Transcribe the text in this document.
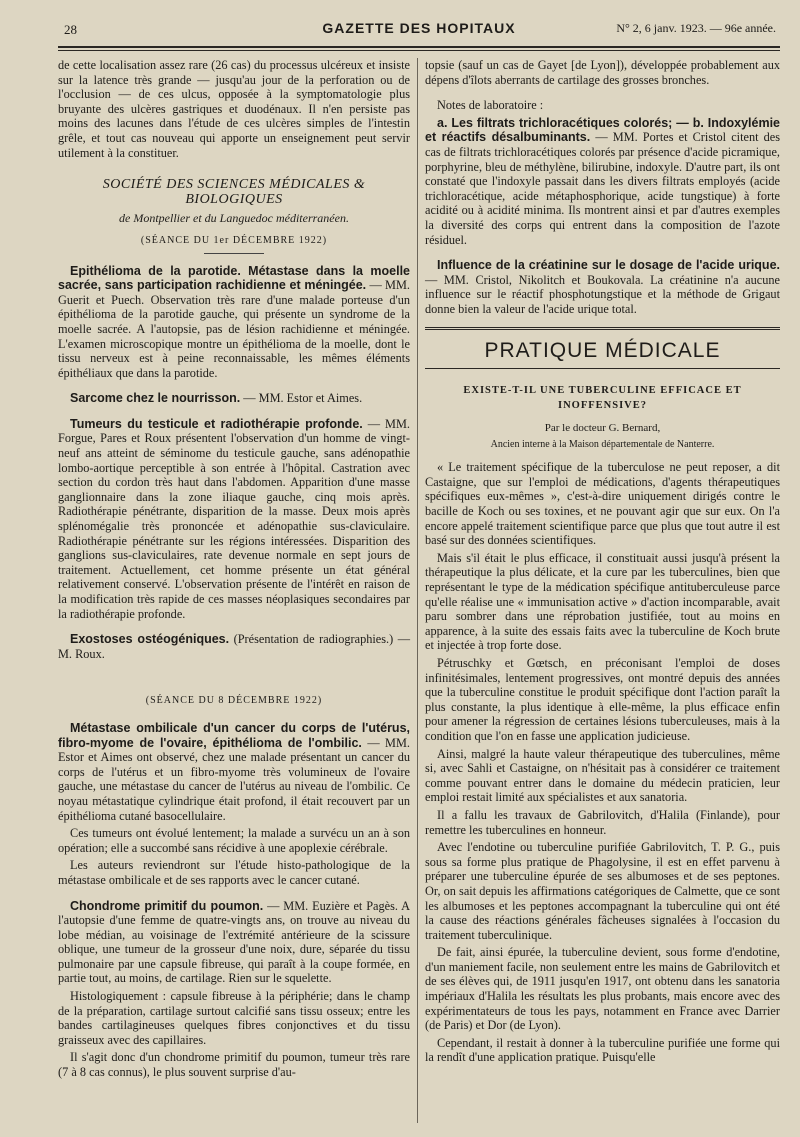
28	GAZETTE DES HOPITAUX	N° 2, 6 janv. 1923. — 96e année.

de cette localisation assez rare (26 cas) du processus ulcéreux et insiste sur la latence très grande — jusqu'au jour de la perforation ou de l'occlusion — de ces ulcus, opposée à la symptomatologie plus bruyante des ulcères gastriques et duodénaux. Il n'en persiste pas moins des lacunes dans l'étude de ces ulcères simples de l'intestin grêle, et tout cas nouveau qui apporte un enseignement peut servir utilement à la constituer.

SOCIÉTÉ DES SCIENCES MÉDICALES & BIOLOGIQUES
de Montpellier et du Languedoc méditerranéen.
(SÉANCE DU 1er DÉCEMBRE 1922)

Epithélioma de la parotide. Métastase dans la moelle sacrée, sans participation rachidienne et méningée. — MM. Guerit et Puech. Observation très rare d'une malade porteuse d'un épithélioma de la parotide gauche, qui présente un syndrome de la moelle sacrée. A l'autopsie, pas de lésion rachidienne et méningée. L'examen microscopique montre un épithélioma de la moelle, dont le tissu nerveux est à peine reconnaissable, les mêmes éléments épithéliaux que dans la parotide.

Sarcome chez le nourrisson. — MM. Estor et Aimes.

Tumeurs du testicule et radiothérapie profonde. — MM. Forgue, Pares et Roux présentent l'observation d'un homme de vingt-neuf ans atteint de séminome du testicule gauche, sans adénopathie lombo-aortique perceptible à son entrée à l'hôpital. Castration avec section du cordon très haut dans l'abdomen. Apparition d'une masse ganglionnaire dans la zone iliaque gauche, cinq mois après. Radiothérapie pénétrante, disparition de la masse. Deux mois après splénomégalie très prononcée et adénopathie sus-claviculaire. Radiothérapie pénétrante sur les régions intéressées. Disparition des ganglions sus-claviculaires, rate devenue normale en sept jours de traitement. Actuellement, cet homme présente un état général relativement conservé. L'observation présente de l'intérêt en raison de la modification très rapide de ces masses néoplasiques secondaires par la radiothérapie profonde.

Exostoses ostéogéniques. (Présentation de radiographies.) — M. Roux.

(SÉANCE DU 8 DÉCEMBRE 1922)

Métastase ombilicale d'un cancer du corps de l'utérus, fibro-myome de l'ovaire, épithélioma de l'ombilic. — MM. Estor et Aimes ont observé, chez une malade présentant un cancer du corps de l'utérus et un fibro-myome très volumineux de l'ovaire gauche, une métastase du cancer de l'utérus au niveau de l'ombilic. Ce noyau métastatique cylindrique était profond, il était recouvert par un épithélioma cutané basocellulaire.

Ces tumeurs ont évolué lentement; la malade a survécu un an à son opération; elle a succombé sans récidive à une apoplexie cérébrale.

Les auteurs reviendront sur l'étude histo-pathologique de la métastase ombilicale et de ses rapports avec le cancer cutané.

Chondrome primitif du poumon. — MM. Euzière et Pagès. A l'autopsie d'une femme de quatre-vingts ans, on trouve au niveau du lobe médian, au voisinage de l'extrémité antérieure de la scissure oblique, une tumeur de la grosseur d'une noix, dure, séparée du tissu pulmonaire par une capsule fibreuse, qui paraît à la coupe formée, en partie tout, au moins, de cartilage. Rien sur le squelette.

Histologiquement : capsule fibreuse à la périphérie; dans le champ de la préparation, cartilage surtout calcifié sans tissu osseux; entre les bandes cartilagineuses quelques fibres conjonctives et du tissu graisseux avec des capillaires.

Il s'agit donc d'un chondrome primitif du poumon, tumeur très rare (7 à 8 cas connus), le plus souvent surprise d'au-

topsie (sauf un cas de Gayet [de Lyon]), développée probablement aux dépens d'îlots aberrants de cartilage des grosses bronches.

Notes de laboratoire :

a. Les filtrats trichloracétiques colorés; — b. Indoxylémie et réactifs désalbuminants. — MM. Portes et Cristol citent des cas de filtrats trichloracétiques colorés par présence d'acide picramique, porphyrine, bleu de méthylène, bilirubine, indoxyle. D'autre part, ils ont constaté que l'indoxyle passait dans les divers filtrats employés (acide trichloracétique, acide métaphosphorique, acide tungstique) à forte acidité ou à acidité minima. Ils montrent ainsi et par d'autres exemples la diversité des corps qui entrent dans la composition de l'azote résiduel.

Influence de la créatinine sur le dosage de l'acide urique. — MM. Cristol, Nikolitch et Boukovala. La créatinine n'a aucune influence sur le réactif phosphotungstique et la méthode de Grigaut donne bien la valeur de l'acide urique total.

PRATIQUE MÉDICALE
EXISTE-T-IL UNE TUBERCULINE EFFICACE ET INOFFENSIVE?
Par le docteur G. Bernard,
Ancien interne à la Maison départementale de Nanterre.

« Le traitement spécifique de la tuberculose ne peut reposer, a dit Castaigne, que sur l'emploi de médications, d'agents thérapeutiques spécifiques eux-mêmes », c'est-à-dire uniquement dirigés contre le bacille de Koch ou ses toxines, et ne pouvant agir que sur eux. On l'a encore appelé traitement scientifique parce que plus que tout autre il est basé sur des données scientifiques.

Mais s'il était le plus efficace, il constituait aussi jusqu'à présent la thérapeutique la plus délicate, et la cure par les tuberculines, bien que représentant le type de la médication spécifique antituberculeuse parce qu'elle réalise une « immunisation active » d'action incomparable, avait paru sombrer dans une réprobation justifiée, tout au moins en apparence, à la suite des essais faits avec la tuberculine de Koch brute et injectée à trop forte dose.

Pétruschky et Gœtsch, en préconisant l'emploi de doses infinitésimales, lentement progressives, ont montré depuis des années que la tuberculine constitue le produit spécifique dont l'action paraît la plus constante, la plus identique à elle-même, la plus efficace enfin pour amener la régression de certaines lésions tuberculeuses, mais à la condition que l'on en fasse une application judicieuse.

Ainsi, malgré la haute valeur thérapeutique des tuberculines, même si, avec Sahli et Castaigne, on n'hésitait pas à considérer ce traitement comme pouvant entrer dans le domaine du médecin praticien, leur emploi restait limité aux spécialistes et aux sanatoria.

Il a fallu les travaux de Gabrilovitch, d'Halila (Finlande), pour remettre les tuberculines en honneur.

Avec l'endotine ou tuberculine purifiée Gabrilovitch, T. P. G., puis sous sa forme plus pratique de Phagolysine, il est en effet parvenu à préparer une tuberculine épurée de ses albumoses et de ses peptones. Or, on sait depuis les affirmations catégoriques de Calmette, que ce sont les albumoses et les peptones accompagnant la tuberculine qui ont été la cause des réactions générales fâcheuses signalées à l'occasion du traitement tuberculinique.

De fait, ainsi épurée, la tuberculine devient, sous forme d'endotine, d'un maniement facile, non seulement entre les mains de Gabrilovitch et de ses élèves qui, de 1911 jusqu'en 1917, ont obtenu dans les sanatoria impériaux d'Halila les résultats les plus probants, mais encore avec des expérimentateurs de tous les pays, notamment en France avec Darrier (de Paris) et Dor (de Lyon).

Cependant, il restait à donner à la tuberculine purifiée une forme qui la rendît d'une application pratique. Puisqu'elle
